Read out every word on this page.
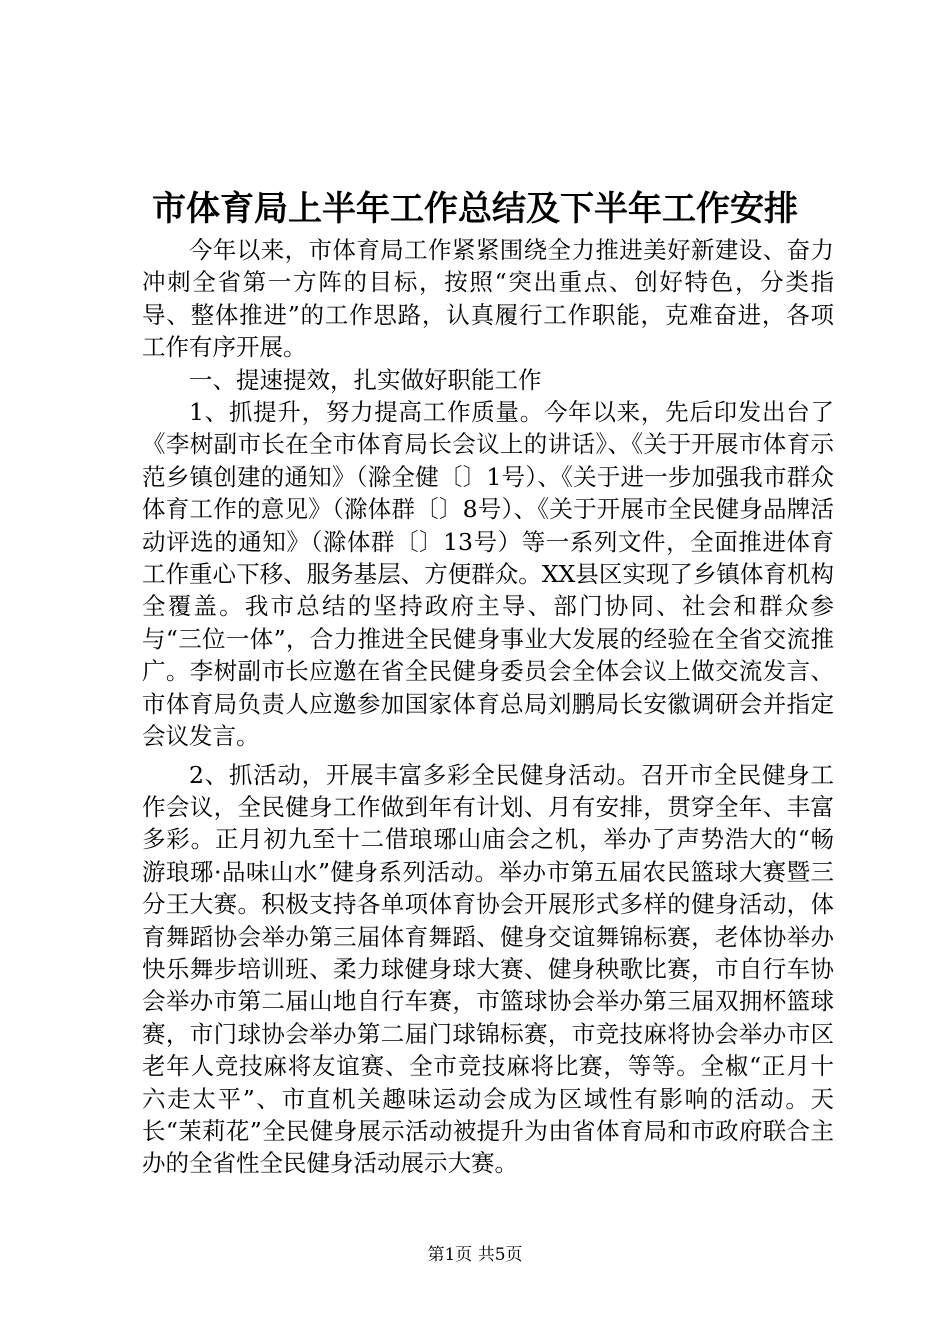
市体育局上半年工作总结及下半年工作安排

今年以来，市体育局工作紧紧围绕全力推进美好新建设、奋力冲刺全省第一方阵的目标，按照“突出重点、创好特色，分类指导、整体推进”的工作思路，认真履行工作职能，克难奋进，各项工作有序开展。

一、提速提效，扎实做好职能工作

1、抓提升，努力提高工作质量。今年以来，先后印发出台了《李树副市长在全市体育局长会议上的讲话》、《关于开展市体育示范乡镇创建的通知》（滁全健〔〕1号）、《关于进一步加强我市群众体育工作的意见》（滁体群〔〕8号）、《关于开展市全民健身品牌活动评选的通知》（滁体群〔〕13号）等一系列文件，全面推进体育工作重心下移、服务基层、方便群众。XX县区实现了乡镇体育机构全覆盖。我市总结的坚持政府主导、部门协同、社会和群众参与“三位一体”，合力推进全民健身事业大发展的经验在全省交流推广。李树副市长应邀在省全民健身委员会全体会议上做交流发言、市体育局负责人应邀参加国家体育总局刘鹏局长安徽调研会并指定会议发言。

2、抓活动，开展丰富多彩全民健身活动。召开市全民健身工作会议，全民健身工作做到年有计划、月有安排，贯穿全年、丰富多彩。正月初九至十二借琅琊山庙会之机，举办了声势浩大的“畅游琅琊·品味山水”健身系列活动。举办市第五届农民篮球大赛暨三分王大赛。积极支持各单项体育协会开展形式多样的健身活动，体育舞蹈协会举办第三届体育舞蹈、健身交谊舞锦标赛，老体协举办快乐舞步培训班、柔力球健身球大赛、健身秧歌比赛，市自行车协会举办市第二届山地自行车赛，市篮球协会举办第三届双拥杯篮球赛，市门球协会举办第二届门球锦标赛，市竞技麻将协会举办市区老年人竞技麻将友谊赛、全市竞技麻将比赛，等等。全椒“正月十六走太平”、市直机关趣味运动会成为区域性有影响的活动。天长“茉莉花”全民健身展示活动被提升为由省体育局和市政府联合主办的全省性全民健身活动展示大赛。

第1页 共5页
